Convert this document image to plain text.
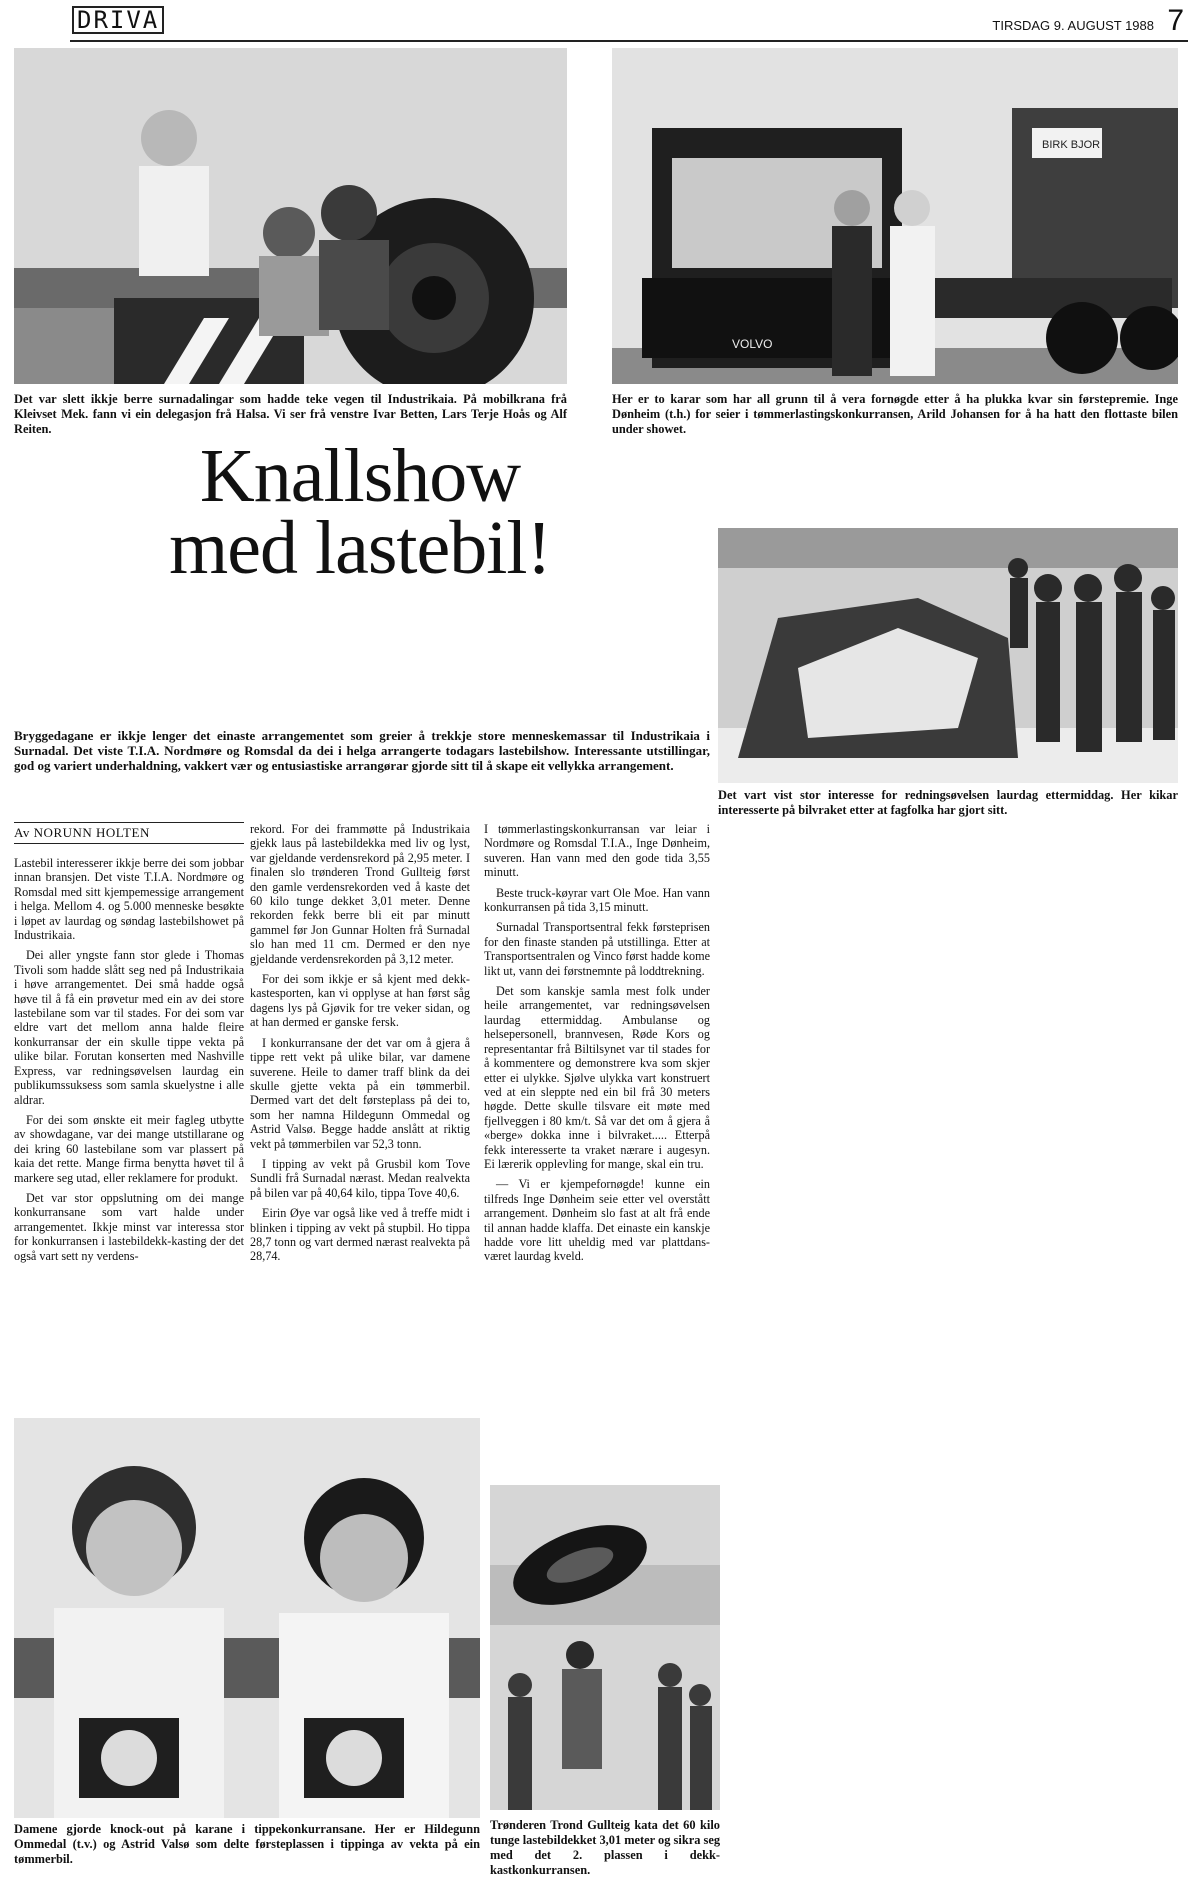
DRIVA	TIRSDAG 9. AUGUST 1988 7
Det var slett ikkje berre surnadalingar som hadde teke vegen til Industrikaia. På mobilkrana frå Kleivset Mek. fann vi ein delegasjon frå Halsa. Vi ser frå venstre Ivar Betten, Lars Terje Hoås og Alf Reiten.
BIRK BJOR
VOLVO
Her er to karar som har all grunn til å vera fornøgde etter å ha plukka kvar sin førstepremie. Inge Dønheim (t.h.) for seier i tømmerlastingskonkurransen, Arild Johansen for å ha hatt den flottaste bilen under showet.
Knallshow
med lastebil!
Det vart vist stor interesse for redningsøvelsen laurdag ettermiddag. Her kikar interesserte på bilvraket etter at fagfolka har gjort sitt.
Bryggedagane er ikkje lenger det einaste arrangementet som greier å trekkje store menneskemassar til Industrikaia i Surnadal. Det viste T.I.A. Nordmøre og Romsdal da dei i helga arrangerte todagars lastebilshow. Interessante utstillingar, god og variert underhaldning, vakkert vær og entusiastiske arrangørar gjorde sitt til å skape eit vellykka arrangement.
Av NORUNN HOLTEN

Lastebil interesserer ikkje berre dei som jobbar innan bransjen. Det viste T.I.A. Nordmøre og Romsdal med sitt kjempemessige arrangement i helga. Mellom 4. og 5.000 menneske besøkte i løpet av laurdag og søndag lastebilshowet på Industrikaia.

Dei aller yngste fann stor glede i Thomas Tivoli som hadde slått seg ned på Industrikaia i høve arrangementet. Dei små hadde også høve til å få ein prøvetur med ein av dei store lastebilane som var til stades. For dei som var eldre vart det mellom anna halde fleire konkurransar der ein skulle tippe vekta på ulike bilar. Forutan konserten med Nashville Express, var redningsøvelsen laurdag ein publikumssuksess som samla skuelystne i alle aldrar.

For dei som ønskte eit meir fagleg utbytte av showdagane, var dei mange utstillarane og dei kring 60 lastebilane som var plassert på kaia det rette. Mange firma benytta høvet til å markere seg utad, eller reklamere for produkt.

Det var stor oppslutning om dei mange konkurransane som vart halde under arrangementet. Ikkje minst var interessa stor for konkurransen i lastebildekk-kasting der det også vart sett ny verdens-

rekord. For dei frammøtte på Industrikaia gjekk laus på lastebildekka med liv og lyst, var gjeldande verdensrekord på 2,95 meter. I finalen slo trønderen Trond Gullteig først den gamle verdensrekorden ved å kaste det 60 kilo tunge dekket 3,01 meter. Denne rekorden fekk berre bli eit par minutt gammel før Jon Gunnar Holten frå Surnadal slo han med 11 cm. Dermed er den nye gjeldande verdensrekorden på 3,12 meter.

For dei som ikkje er så kjent med dekk-kastesporten, kan vi opplyse at han først såg dagens lys på Gjøvik for tre veker sidan, og at han dermed er ganske fersk.

I konkurransane der det var om å gjera å tippe rett vekt på ulike bilar, var damene suverene. Heile to damer traff blink da dei skulle gjette vekta på ein tømmerbil. Dermed vart det delt førsteplass på dei to, som her namna Hildegunn Ommedal og Astrid Valsø. Begge hadde anslått at riktig vekt på tømmerbilen var 52,3 tonn.

I tipping av vekt på Grusbil kom Tove Sundli frå Surnadal nærast. Medan realvekta på bilen var på 40,64 kilo, tippa Tove 40,6.

Eirin Øye var også like ved å treffe midt i blinken i tipping av vekt på stupbil. Ho tippa 28,7 tonn og vart dermed nærast realvekta på 28,74.

I tømmerlastingskonkurransan var leiar i Nordmøre og Romsdal T.I.A., Inge Dønheim, suveren. Han vann med den gode tida 3,55 minutt.

Beste truck-køyrar vart Ole Moe. Han vann konkurransen på tida 3,15 minutt.

Surnadal Transportsentral fekk førsteprisen for den finaste standen på utstillinga. Etter at Transportsentralen og Vinco først hadde kome likt ut, vann dei førstnemnte på loddtrekning.

Det som kanskje samla mest folk under heile arrangementet, var redningsøvelsen laurdag ettermiddag. Ambulanse og helsepersonell, brannvesen, Røde Kors og representantar frå Biltilsynet var til stades for å kommentere og demonstrere kva som skjer etter ei ulykke. Sjølve ulykka vart konstruert ved at ein sleppte ned ein bil frå 30 meters høgde. Dette skulle tilsvare eit møte med fjellveggen i 80 km/t. Så var det om å gjera å «berge» dokka inne i bilvraket..... Etterpå fekk interesserte ta vraket nærare i augesyn. Ei lærerik opplevling for mange, skal ein tru.

— Vi er kjempefornøgde! kunne ein tilfreds Inge Dønheim seie etter vel overstått arrangement. Dønheim slo fast at alt frå ende til annan hadde klaffa. Det einaste ein kanskje hadde vore litt uheldig med var plattdans- været laurdag kveld.

Damene gjorde knock-out på karane i tippekonkurransane. Her er Hildegunn Ommedal (t.v.) og Astrid Valsø som delte førsteplassen i tippinga av vekta på ein tømmerbil.
Trønderen Trond Gullteig kata det 60 kilo tunge lastebildekket 3,01 meter og sikra seg med det 2. plassen i dekk-kastkonkurransen.
